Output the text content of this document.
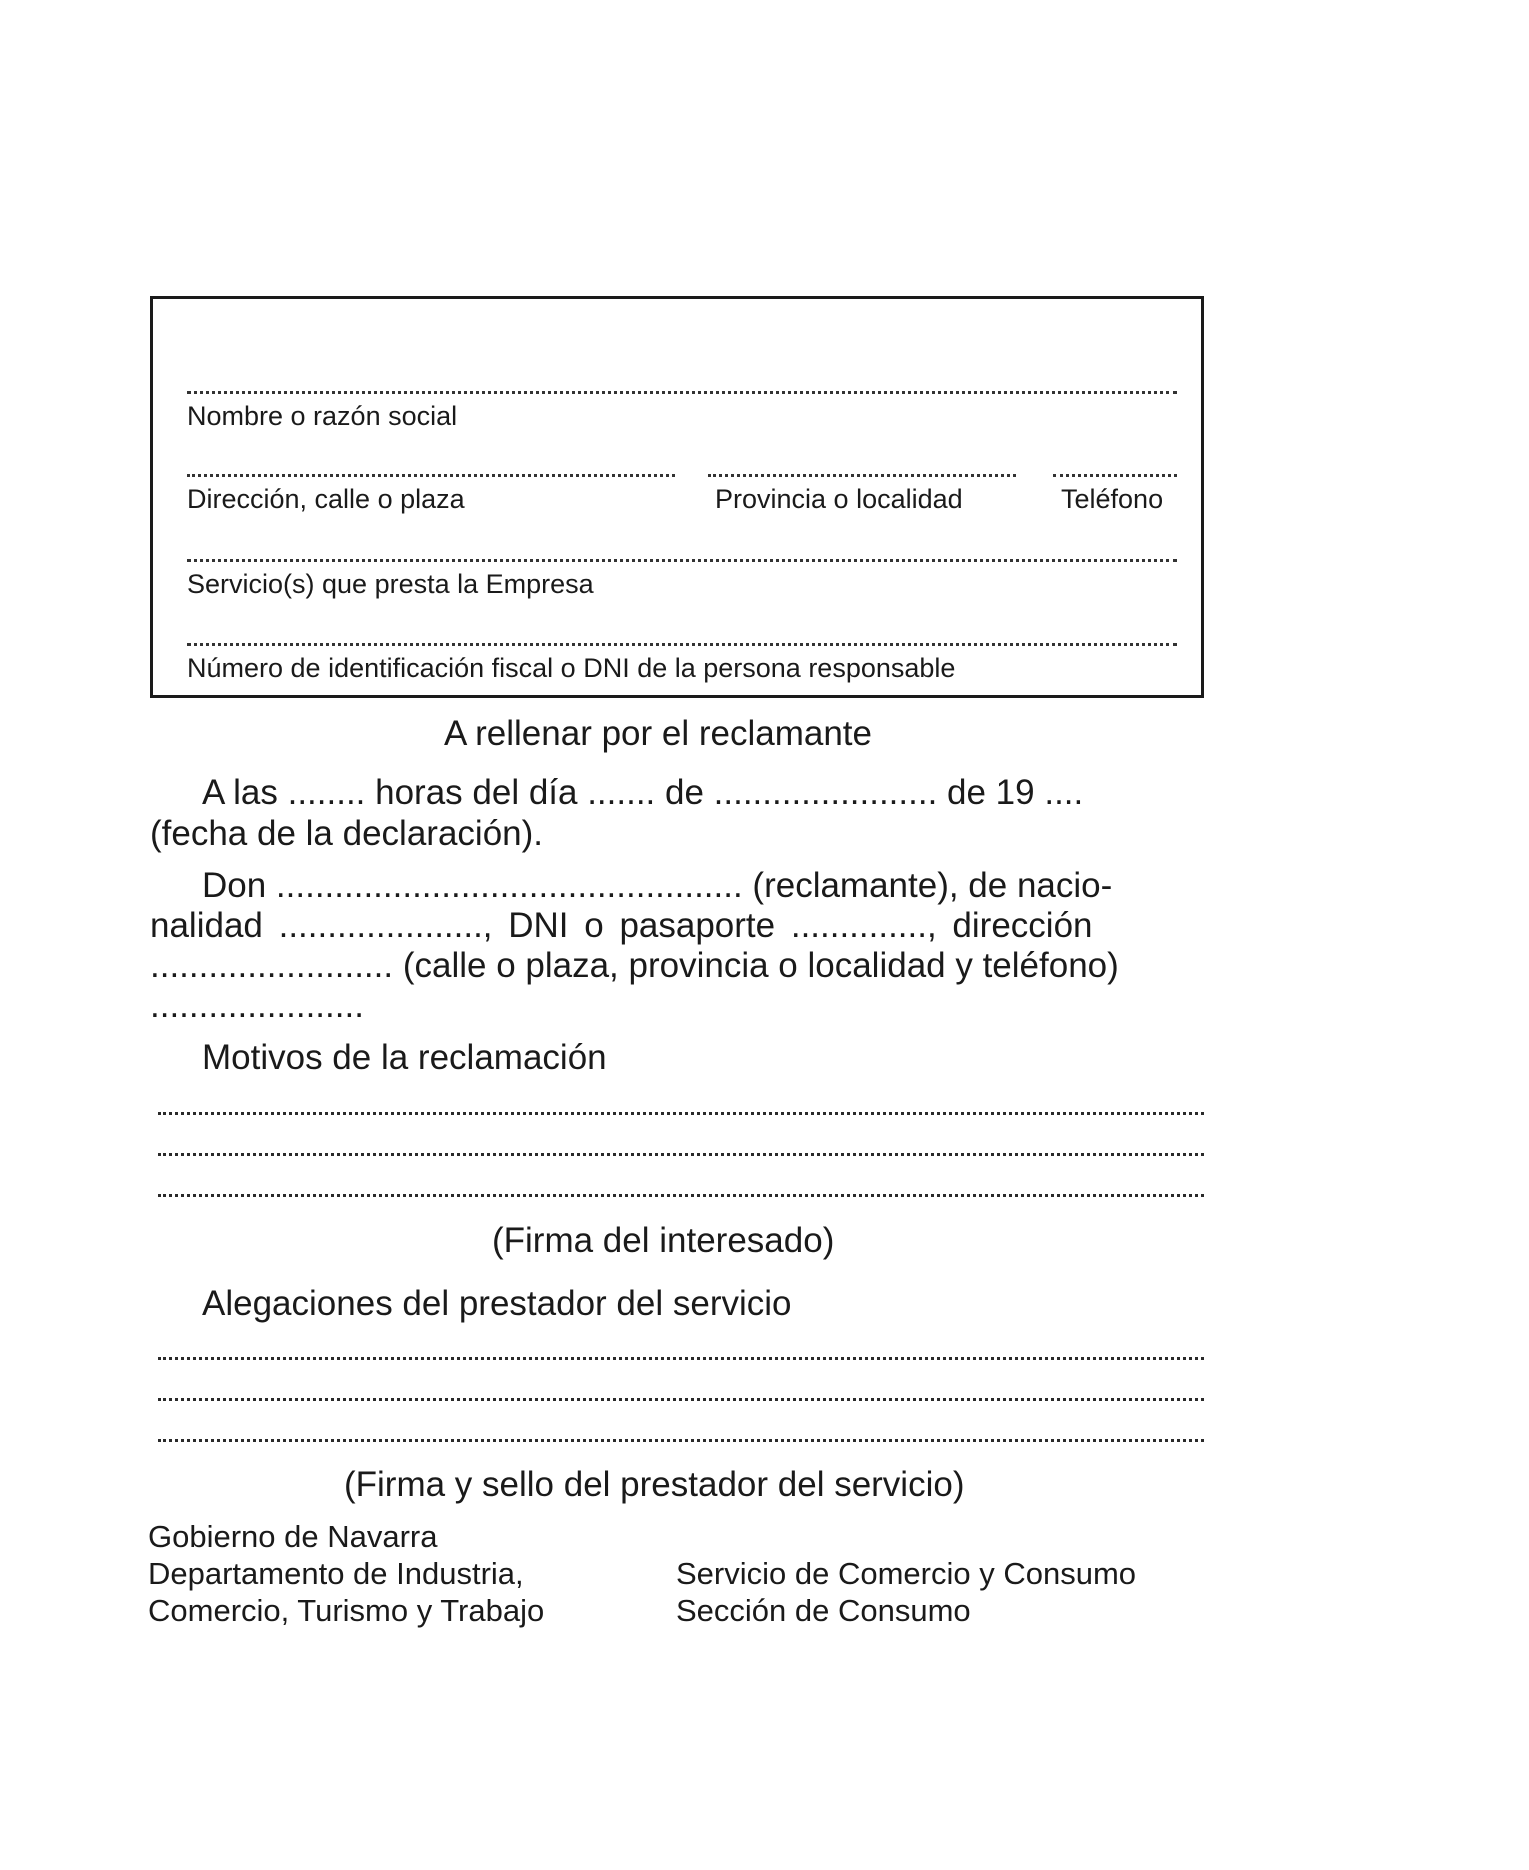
Nombre o razón social
Dirección, calle o plaza	Provincia o localidad	Teléfono
Servicio(s) que presta la Empresa
Número de identificación fiscal o DNI de la persona responsable
A rellenar por el reclamante
A las ........ horas del día ....... de ....................... de 19 ....
(fecha de la declaración).
Don ................................................ (reclamante), de nacio-
nalidad ....................., DNI o pasaporte .............., dirección
......................... (calle o plaza, provincia o localidad y teléfono)
......................
Motivos de la reclamación
(Firma del interesado)
Alegaciones del prestador del servicio
(Firma y sello del prestador del servicio)
Gobierno de Navarra
Departamento de Industria,
Comercio, Turismo y Trabajo
Servicio de Comercio y Consumo
Sección de Consumo
